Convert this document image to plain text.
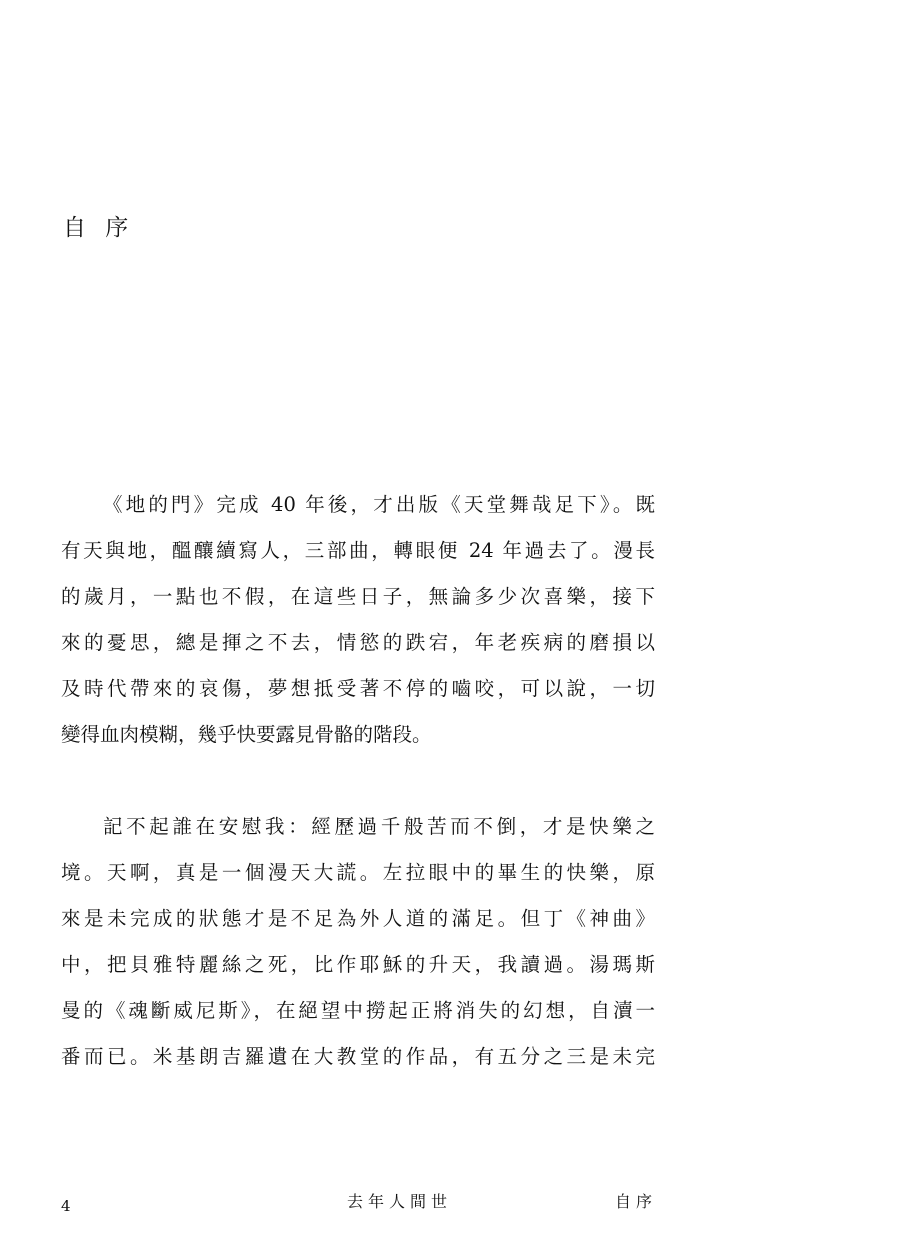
自 序
《地的門》完成 40 年後，才出版《天堂舞哉足下》。既
有天與地，醞釀續寫人，三部曲，轉眼便 24 年過去了。漫長
的歲月，一點也不假，在這些日子，無論多少次喜樂，接下
來的憂思，總是揮之不去，情慾的跌宕，年老疾病的磨損以
及時代帶來的哀傷，夢想抵受著不停的嚙咬，可以說，一切
變得血肉模糊，幾乎快要露見骨骼的階段。
記不起誰在安慰我：經歷過千般苦而不倒，才是快樂之
境。天啊，真是一個漫天大謊。左拉眼中的畢生的快樂，原
來是未完成的狀態才是不足為外人道的滿足。但丁《神曲》
中，把貝雅特麗絲之死，比作耶穌的升天，我讀過。湯瑪斯
曼的《魂斷威尼斯》，在絕望中撈起正將消失的幻想，自瀆一
番而已。米基朗吉羅遺在大教堂的作品，有五分之三是未完
4	去年人間世	自序
